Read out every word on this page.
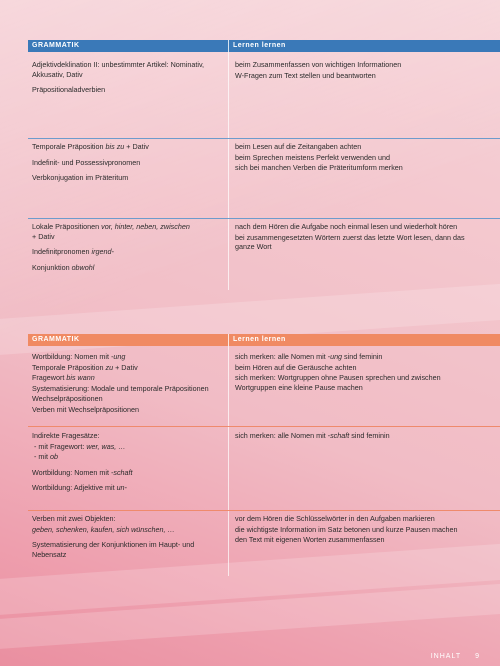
GRAMMATIK	Lernen lernen

Adjektivdeklination II: unbestimmter Artikel: Nominativ, Akkusativ, Dativ

Präpositionaladverbien

beim Zusammenfassen von wichtigen Informationen

W-Fragen zum Text stellen und beantworten

Temporale Präposition bis zu + Dativ

Indefinit- und Possessivpronomen

Verbkonjugation im Präteritum

beim Lesen auf die Zeitangaben achten

beim Sprechen meistens Perfekt verwenden und

sich bei manchen Verben die Präteritumform merken

Lokale Präpositionen vor, hinter, neben, zwischen
+ Dativ

Indefinitpronomen irgend-

Konjunktion obwohl

nach dem Hören die Aufgabe noch einmal lesen und wiederholt hören

bei zusammengesetzten Wörtern zuerst das letzte Wort lesen, dann das ganze Wort

GRAMMATIK	Lernen lernen

Wortbildung: Nomen mit -ung

Temporale Präposition zu + Dativ

Fragewort bis wann

Systematisierung: Modale und temporale Präpositionen

Wechselpräpositionen

Verben mit Wechselpräpositionen

sich merken: alle Nomen mit -ung sind feminin

beim Hören auf die Geräusche achten

sich merken: Wortgruppen ohne Pausen sprechen und zwischen Wortgruppen eine kleine Pause machen

Indirekte Fragesätze:

- mit Fragewort: wer, was, …

- mit ob

Wortbildung: Nomen mit -schaft

Wortbildung: Adjektive mit un-

sich merken: alle Nomen mit -schaft sind feminin

Verben mit zwei Objekten:

geben, schenken, kaufen, sich wünschen, …

Systematisierung der Konjunktionen im Haupt- und Nebensatz

vor dem Hören die Schlüsselwörter in den Aufgaben markieren

die wichtigste Information im Satz betonen und kurze Pausen machen

den Text mit eigenen Worten zusammenfassen

INHALT 9
